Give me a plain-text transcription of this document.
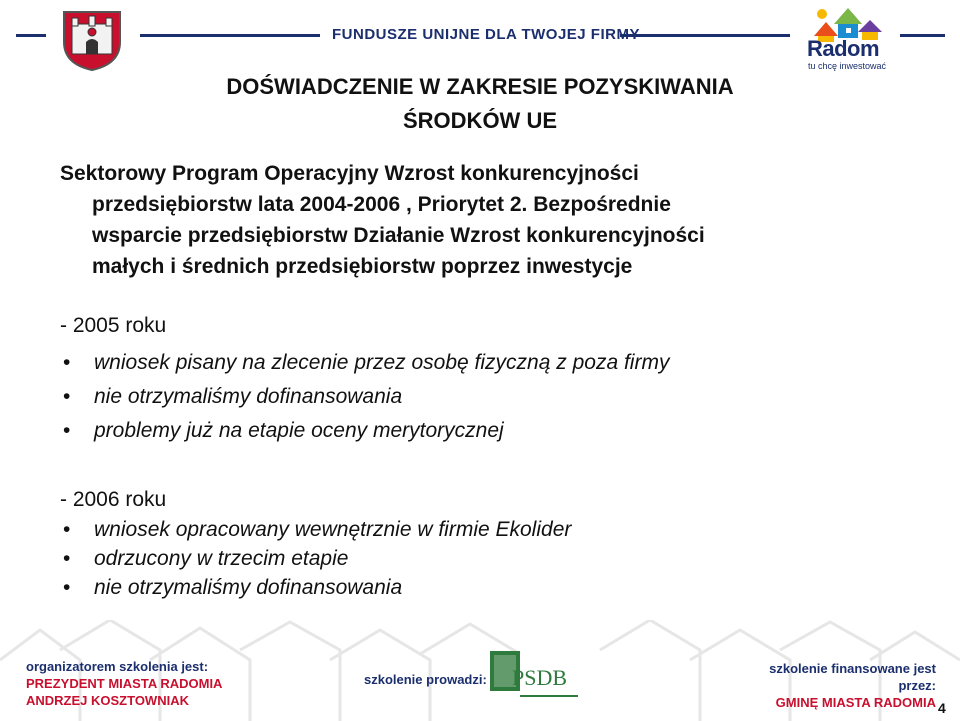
FUNDUSZE UNIJNE DLA TWOJEJ FIRMY
Radom
tu chcę inwestować
DOŚWIADCZENIE W ZAKRESIE POZYSKIWANIA
ŚRODKÓW UE
Sektorowy Program Operacyjny Wzrost konkurencyjności
przedsiębiorstw lata 2004-2006 , Priorytet 2. Bezpośrednie
wsparcie przedsiębiorstw Działanie Wzrost konkurencyjności
małych i średnich przedsiębiorstw poprzez inwestycje
- 2005 roku
• wniosek pisany na zlecenie przez osobę fizyczną z poza firmy
• nie otrzymaliśmy dofinansowania
• problemy już na etapie oceny merytorycznej
- 2006 roku
• wniosek opracowany wewnętrznie w firmie Ekolider
• odrzucony w trzecim etapie
• nie otrzymaliśmy dofinansowania
organizatorem szkolenia jest:
PREZYDENT MIASTA RADOMIA
ANDRZEJ KOSZTOWNIAK
szkolenie prowadzi: PSDB	szkolenie finansowane jest przez:
GMINĘ MIASTA RADOMIA 4
